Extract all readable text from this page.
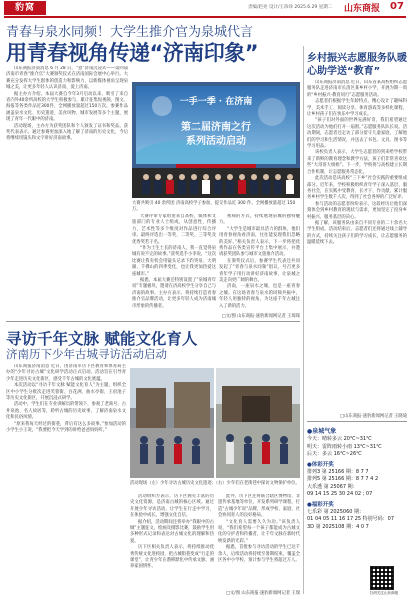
豹窝	责编/赵亮 设计/王珍珍 2025.6.29 星期二 山东商报 07
青春与泉水同频！大学生推介官为泉城代言
用青春视角传递“济南印象”

山东商报济南消息 6 月 28 日，“意”济南沉浸式——第四届济南市青春“推介官”大赛颁奖仪式在济南国际会展中心举行。大赛充分发挥大学生群体的创造力和影响力，以新媒体视角呈现泉城之美，让更多年轻人认识济南、爱上济南。

据主办方介绍，本届大赛自今年3月启动以来，吸引了来自省内外40余所高校的大学生积极参与，累计征集短视频、图文、海报等各类作品近300件，全网播放量超过150万次。参赛作品涵盖泉水文化、历史遗迹、美食风物、城市发展等多个主题，展现了青年一代眼中的济南。

活动现场，主办方为获奖团队和个人颁发了证书和奖品。获奖代表表示，通过参赛更加深入地了解了济南的历史文化，今后将继续用镜头和文字讲好济南故事。

一手一季 · 在济南
第二届济南之行
系列活动启动
大赛共吸引 40 余所团 济南高校学子参加，提交作品近 300 件。全网播放量超过 150 万。

大赛评审专家组由来自高校、媒体和文旅部门的专业人士组成，从创意性、传播力、艺术性等多个维度对作品进行综合评审。最终评选出一等奖、二等奖、三等奖及优秀奖若干名。

“作为土生土长的济南人，我一直觉得泉城有说不完的故事。”获奖选手小李说，“这次比赛让我有机会用镜头记录下趵突泉、大明湖、千佛山的四季变化，也让我更加热爱这座城市。”

据悉，本届大赛还特别设置了“泉城青年说”专题板块，邀请在济高校学生分享自己与济南的故事。主办方表示，将持续打造青春推介官品牌活动，让更多年轻人成为济南城市形象的传播者。

视频的方式，持续展现泉城的独特魅力。

“大学生是城市最具活力的群体，他们用青春视角看济南，往往能发现我们忽略的美好。”相关负责人表示，下一步将把优秀作品在各类宣传平台上集中展示，并邀请获奖团队参与城市文旅推介活动。

在颁奖仪式后，参赛学生代表还共同发起了“青春与泉水同频”倡议，号召更多青年学子用行动讲好济南故事，让泉城之美走向更广阔的舞台。

济南，一座泉水之城，也是一座青春之城。在这场青春与泉水的同频共振中，年轻人用独特的视角，为这座千年古城注入了新的活力。

□文/图 山东商报·速豹新闻网记者 王琛琛
乡村振兴志愿服务队暖心助学送“教育”

山东商报济南消息 近日，山东省某高校组织志愿服务队走进济南市长清区某乡村小学，开展为期一周的“乡村振兴·教育同行”志愿服务活动。

志愿者们根据学生年龄特点，精心设计了趣味科学、美术手工、阅读分享、体育游戏等多样化课程，让乡村孩子们在快乐中学习成长。

“孩子们对外面的世界充满好奇，我们希望通过这次活动为他们打开一扇窗。”志愿服务队队长说。活动期间，志愿者还走访了部分留守儿童家庭，了解他们的学习和生活情况，并送去了书包、文具、图书等学习用品。

该校负责人表示，大学生志愿者的到来给学校带来了新鲜的教育理念和教学方法，孩子们非常喜欢这些“大哥哥大姐姐”。下一步，学校将与高校建立长期合作机制，让志愿服务常态化。

此次活动是该高校“三下乡”社会实践的重要组成部分。近年来，学校积极组织青年学子深入基层、服务社会，在实践中受教育、长才干、作贡献，累计服务乡村学生数千人次，得到了社会各界的广泛好评。

参与活动的志愿者纷纷表示，这段经历让他们深刻体会到乡村教育的现状与需求，更加坚定了投身乡村振兴、服务基层的决心。

据了解，该服务队由来自不同专业的二十余名大学生组成，活动结束后，志愿者们还将通过线上辅导的方式，持续关注孩子们的学习成长，让志愿服务的温暖延续下去。

□山东商报·速豹新闻网记者 王晓迪
寻访千年文脉 赋能文化育人
济南历下少年古城寻访活动启动

山东商报济南消息 近日，由济南市历下区教育和体育局主办的“少年寻访古城”文化研学活动正式启动。活动旨在引导青少年走进历史文化街区，感受千年古城的文化底蕴。

本次活动以“寻访千年文脉 赋能文化育人”为主题，组织全区中小学生分批次走进芙蓉街、百花洲、曲水亭街、王府池子等历史文化街区，开展沉浸式研学。

活动中，学生们在专业讲解员的带领下，参观了老商号、古井泉池、名人故居等，聆听古城的历史故事，了解济南泉水文化和民俗风情。

“原来我每天经过的街巷，背后有这么多故事。”参加活动的小学生小王说，“我要把今天学到的讲给爸爸妈妈听。”

活动现场（左）少年寻访古城历史文化遗迹；（右）少年们在老街巷中探访文物保护单位。

活动组织方表示，历下区拥有丰富的历史文化资源，是济南古城的核心区域。通过开展少年寻访活动，让学生在行走中学习、在体验中成长，增强文化自信。

据介绍，活动期间还将举办“我眼中的古城”主题征文、绘画及摄影比赛，鼓励学生用多种形式记录和表达对古城文化的理解和热爱。

历下区相关负责人表示，将持续推动优秀传统文化进校园，把古城街巷变成“行走的课堂”，让青少年在潜移默化中传承文脉、涵养家国情怀。

此外，历下区还将联合辖区博物馆、非遗传承基地等单位，开发系列研学课程，打造“古城少年说”品牌，形成学校、家庭、社会协同育人的良好格局。

“文化育人需要久久为功。”该负责人说，“我们希望每一个孩子都能成为古城文化的守护者和传播者，让千年文脉在新时代焕发新的光彩。”

据悉，首批参与寻访活动的学生已达千余人，后续活动将持续至暑期结束，覆盖全区各中小学校，预计参与学生将超过万人。

□文/图 山东商报·速豹新闻网记者 王瑞
●泉城气象
今天：晴转多云 20℃~31℃
明天：雷阵雨转小雨 13℃~31℃
后天：多云 16℃~26℃
●体彩开奖
排列3 第 25166 期：8 7 7
排列5 第 25166 期：8 7 7 4 2
大乐透 第 25067 期：
09 14 15 25 30 24 02 ; 07
●福彩开奖
七乐彩 第 2025060 期：
01 04 05 11 16 17 25 特别号码：07
3D 第 2025108 期：4 0 7
扫码关注山东商报
